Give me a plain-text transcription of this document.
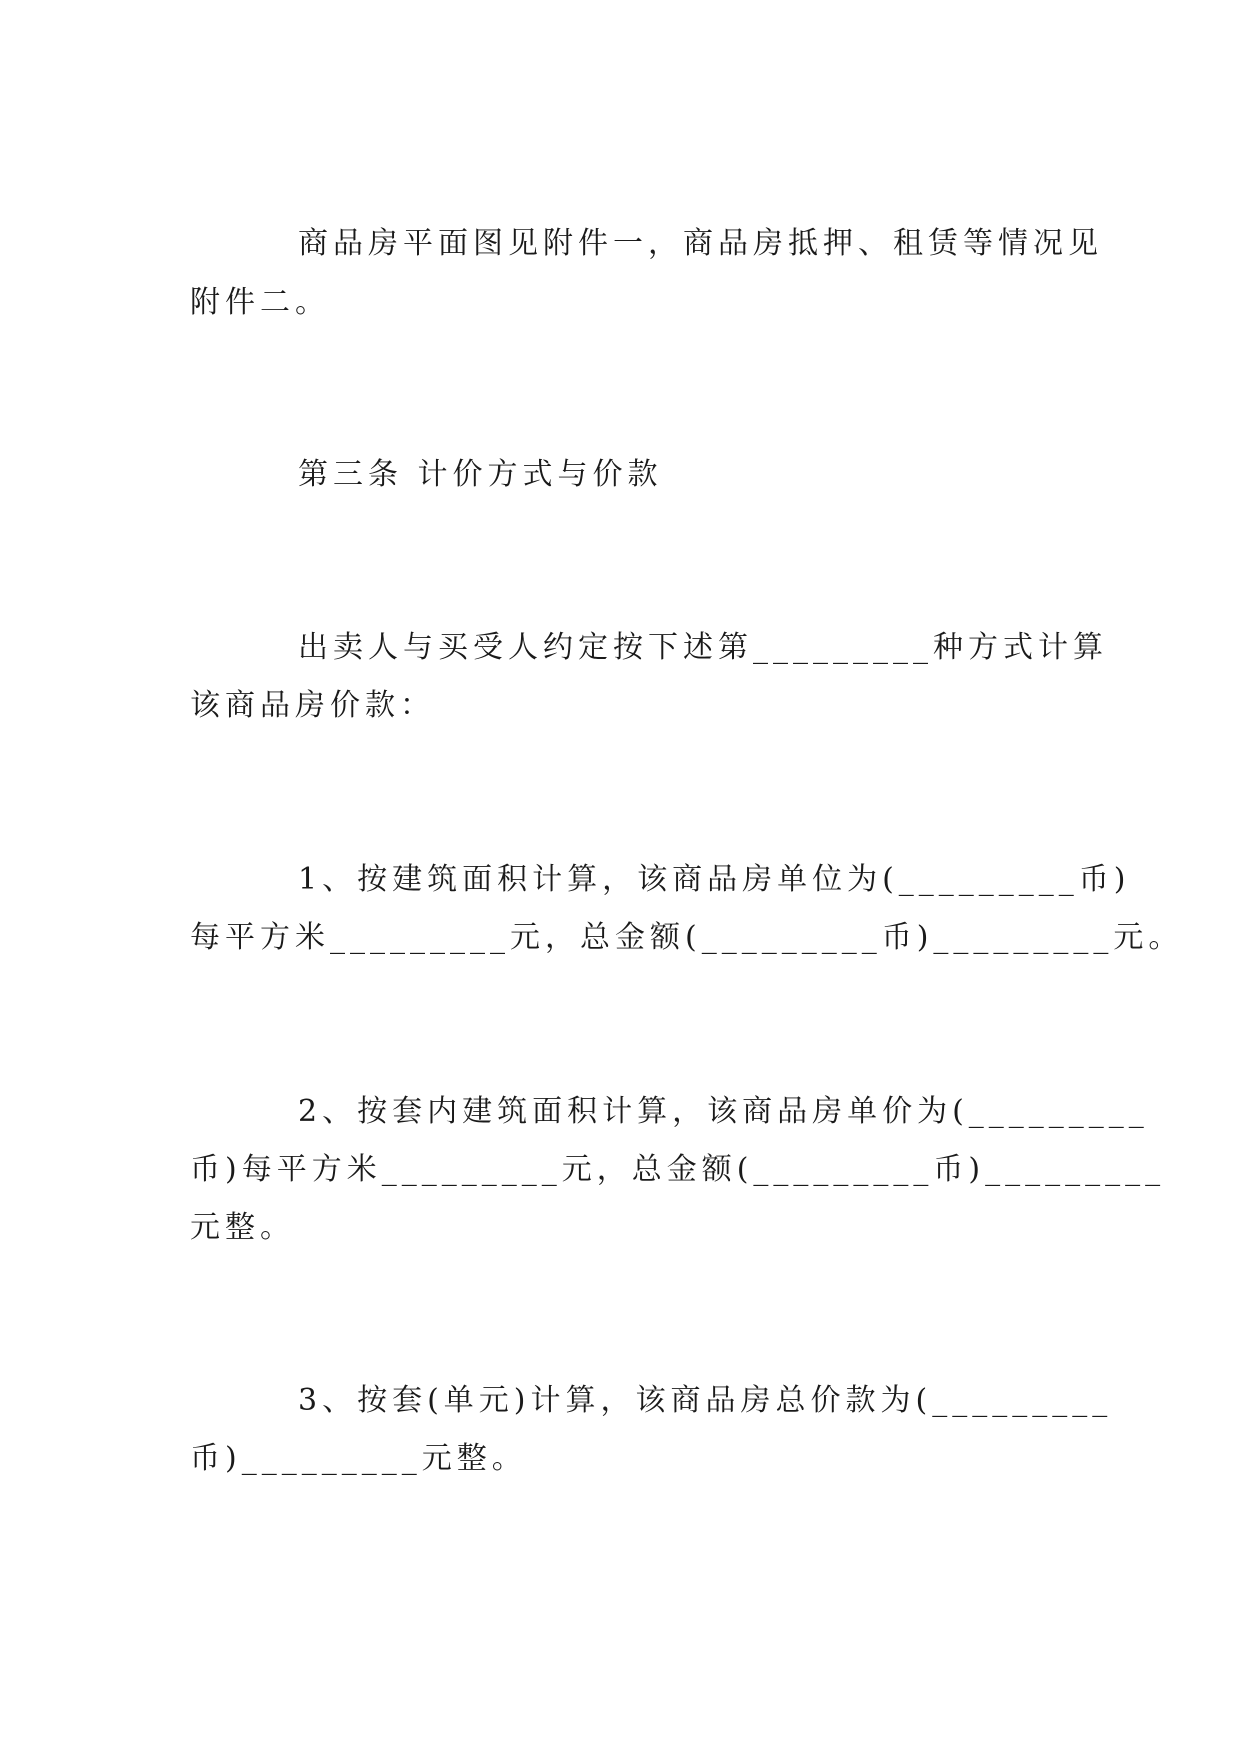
商品房平面图见附件一，商品房抵押、租赁等情况见
附件二。
第三条 计价方式与价款
出卖人与买受人约定按下述第_________种方式计算
该商品房价款：
1、按建筑面积计算，该商品房单位为(_________币)
每平方米_________元，总金额(_________币)_________元。
2、按套内建筑面积计算，该商品房单价为(_________
币)每平方米_________元，总金额(_________币)_________
元整。
3、按套(单元)计算，该商品房总价款为(_________
币)_________元整。
